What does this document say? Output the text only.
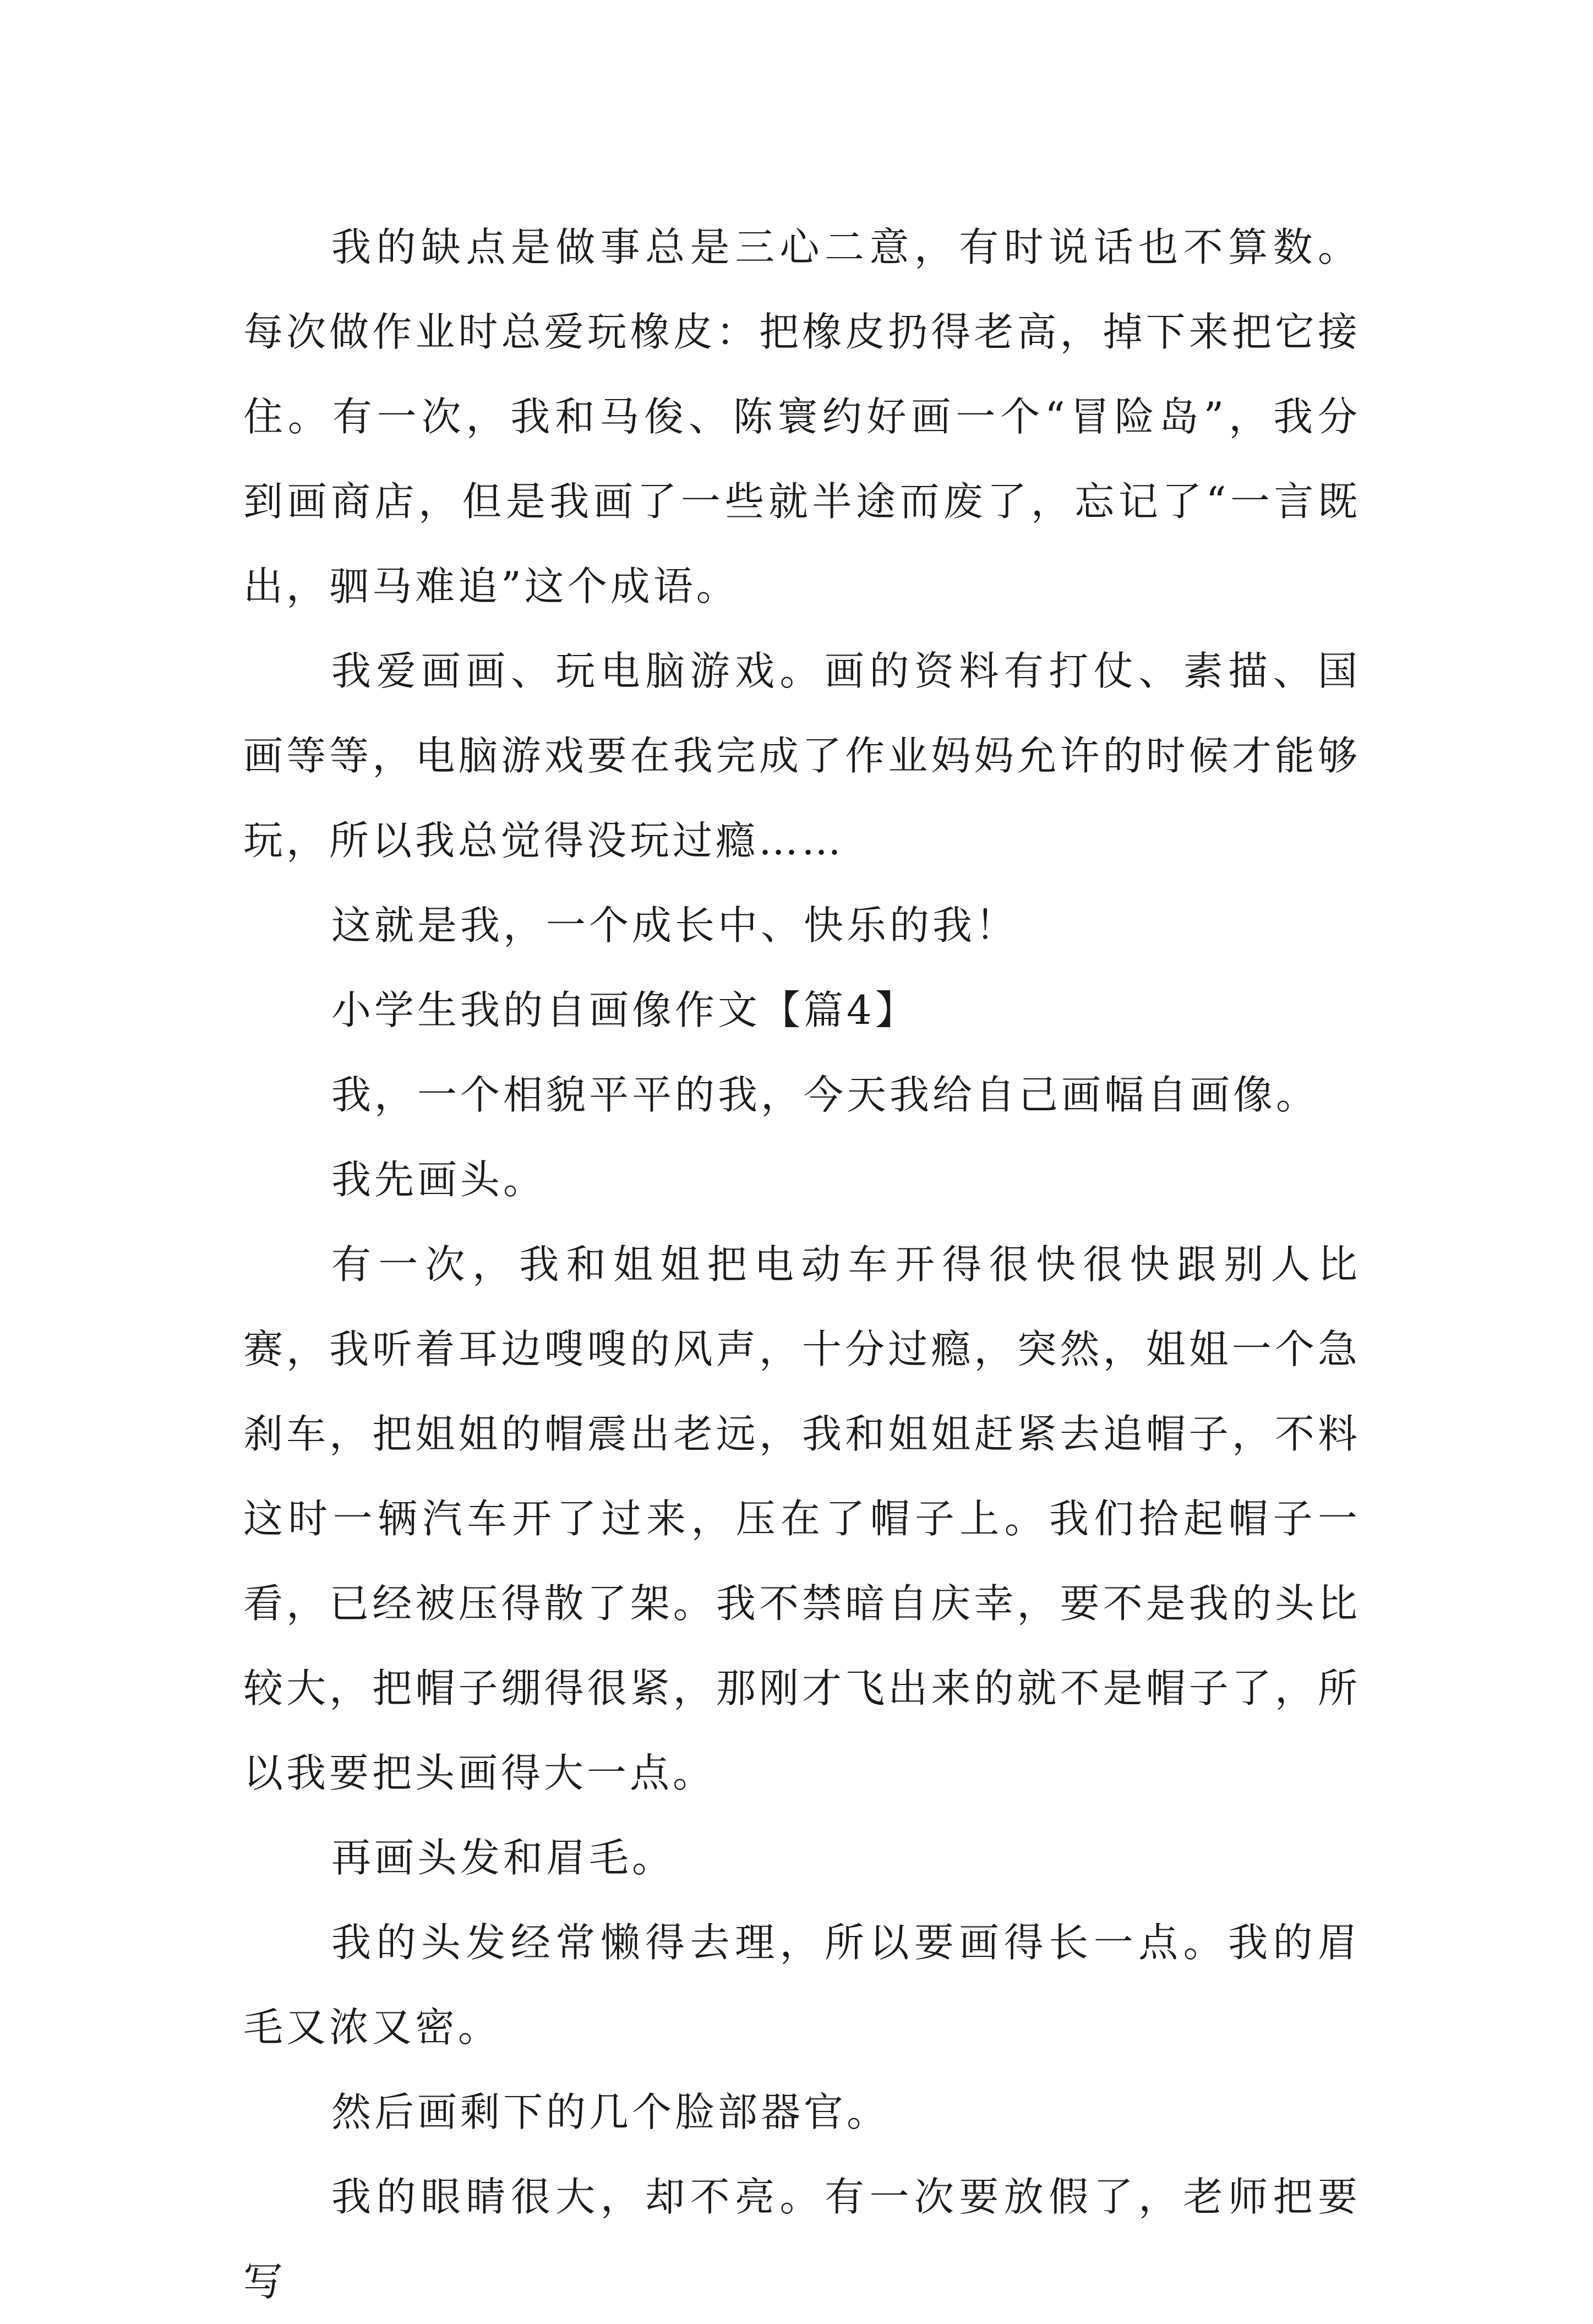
我的缺点是做事总是三心二意，有时说话也不算数。每次做作业时总爱玩橡皮：把橡皮扔得老高，掉下来把它接住。有一次，我和马俊、陈寰约好画一个“冒险岛”，我分到画商店，但是我画了一些就半途而废了，忘记了“一言既出，驷马难追”这个成语。

我爱画画、玩电脑游戏。画的资料有打仗、素描、国画等等，电脑游戏要在我完成了作业妈妈允许的时候才能够玩，所以我总觉得没玩过瘾……

这就是我，一个成长中、快乐的我！

小学生我的自画像作文【篇4】

我，一个相貌平平的我，今天我给自己画幅自画像。

我先画头。

有一次，我和姐姐把电动车开得很快很快跟别人比赛，我听着耳边嗖嗖的风声，十分过瘾，突然，姐姐一个急刹车，把姐姐的帽震出老远，我和姐姐赶紧去追帽子，不料这时一辆汽车开了过来，压在了帽子上。我们拾起帽子一看，已经被压得散了架。我不禁暗自庆幸，要不是我的头比较大，把帽子绷得很紧，那刚才飞出来的就不是帽子了，所以我要把头画得大一点。

再画头发和眉毛。

我的头发经常懒得去理，所以要画得长一点。我的眉毛又浓又密。

然后画剩下的几个脸部器官。

我的眼睛很大，却不亮。有一次要放假了，老师把要写
